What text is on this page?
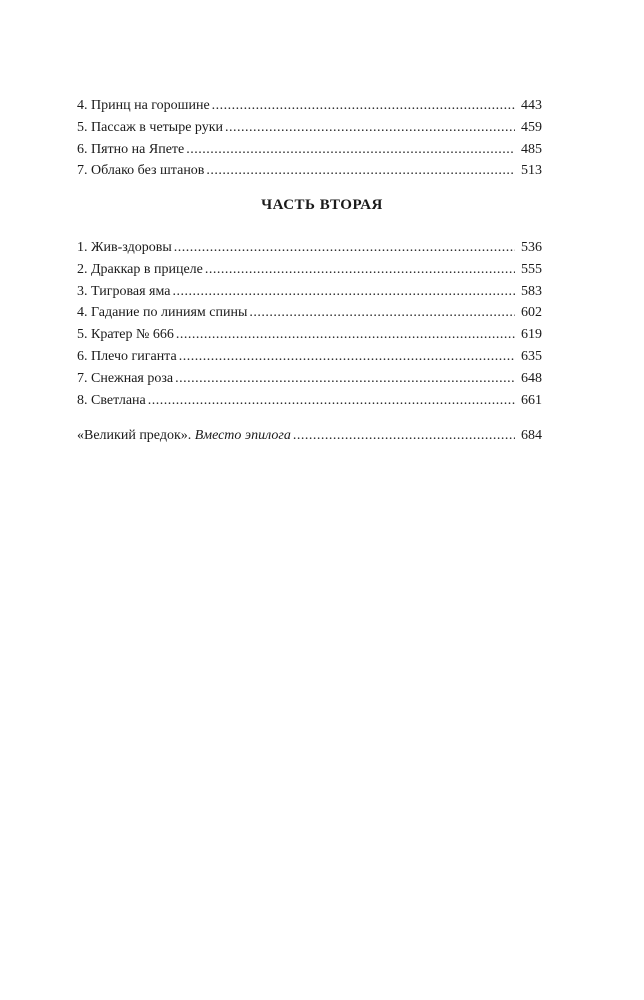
4. Принц на горошине .....	443
5. Пассаж в четыре руки .....	459
6. Пятно на Япете .....	485
7. Облако без штанов .....	513
ЧАСТЬ ВТОРАЯ
1. Жив-здоровы .....	536
2. Драккар в прицеле .....	555
3. Тигровая яма .....	583
4. Гадание по линиям спины .....	602
5. Кратер № 666 .....	619
6. Плечо гиганта .....	635
7. Снежная роза .....	648
8. Светлана .....	661
«Великий предок». Вместо эпилога .....	684
